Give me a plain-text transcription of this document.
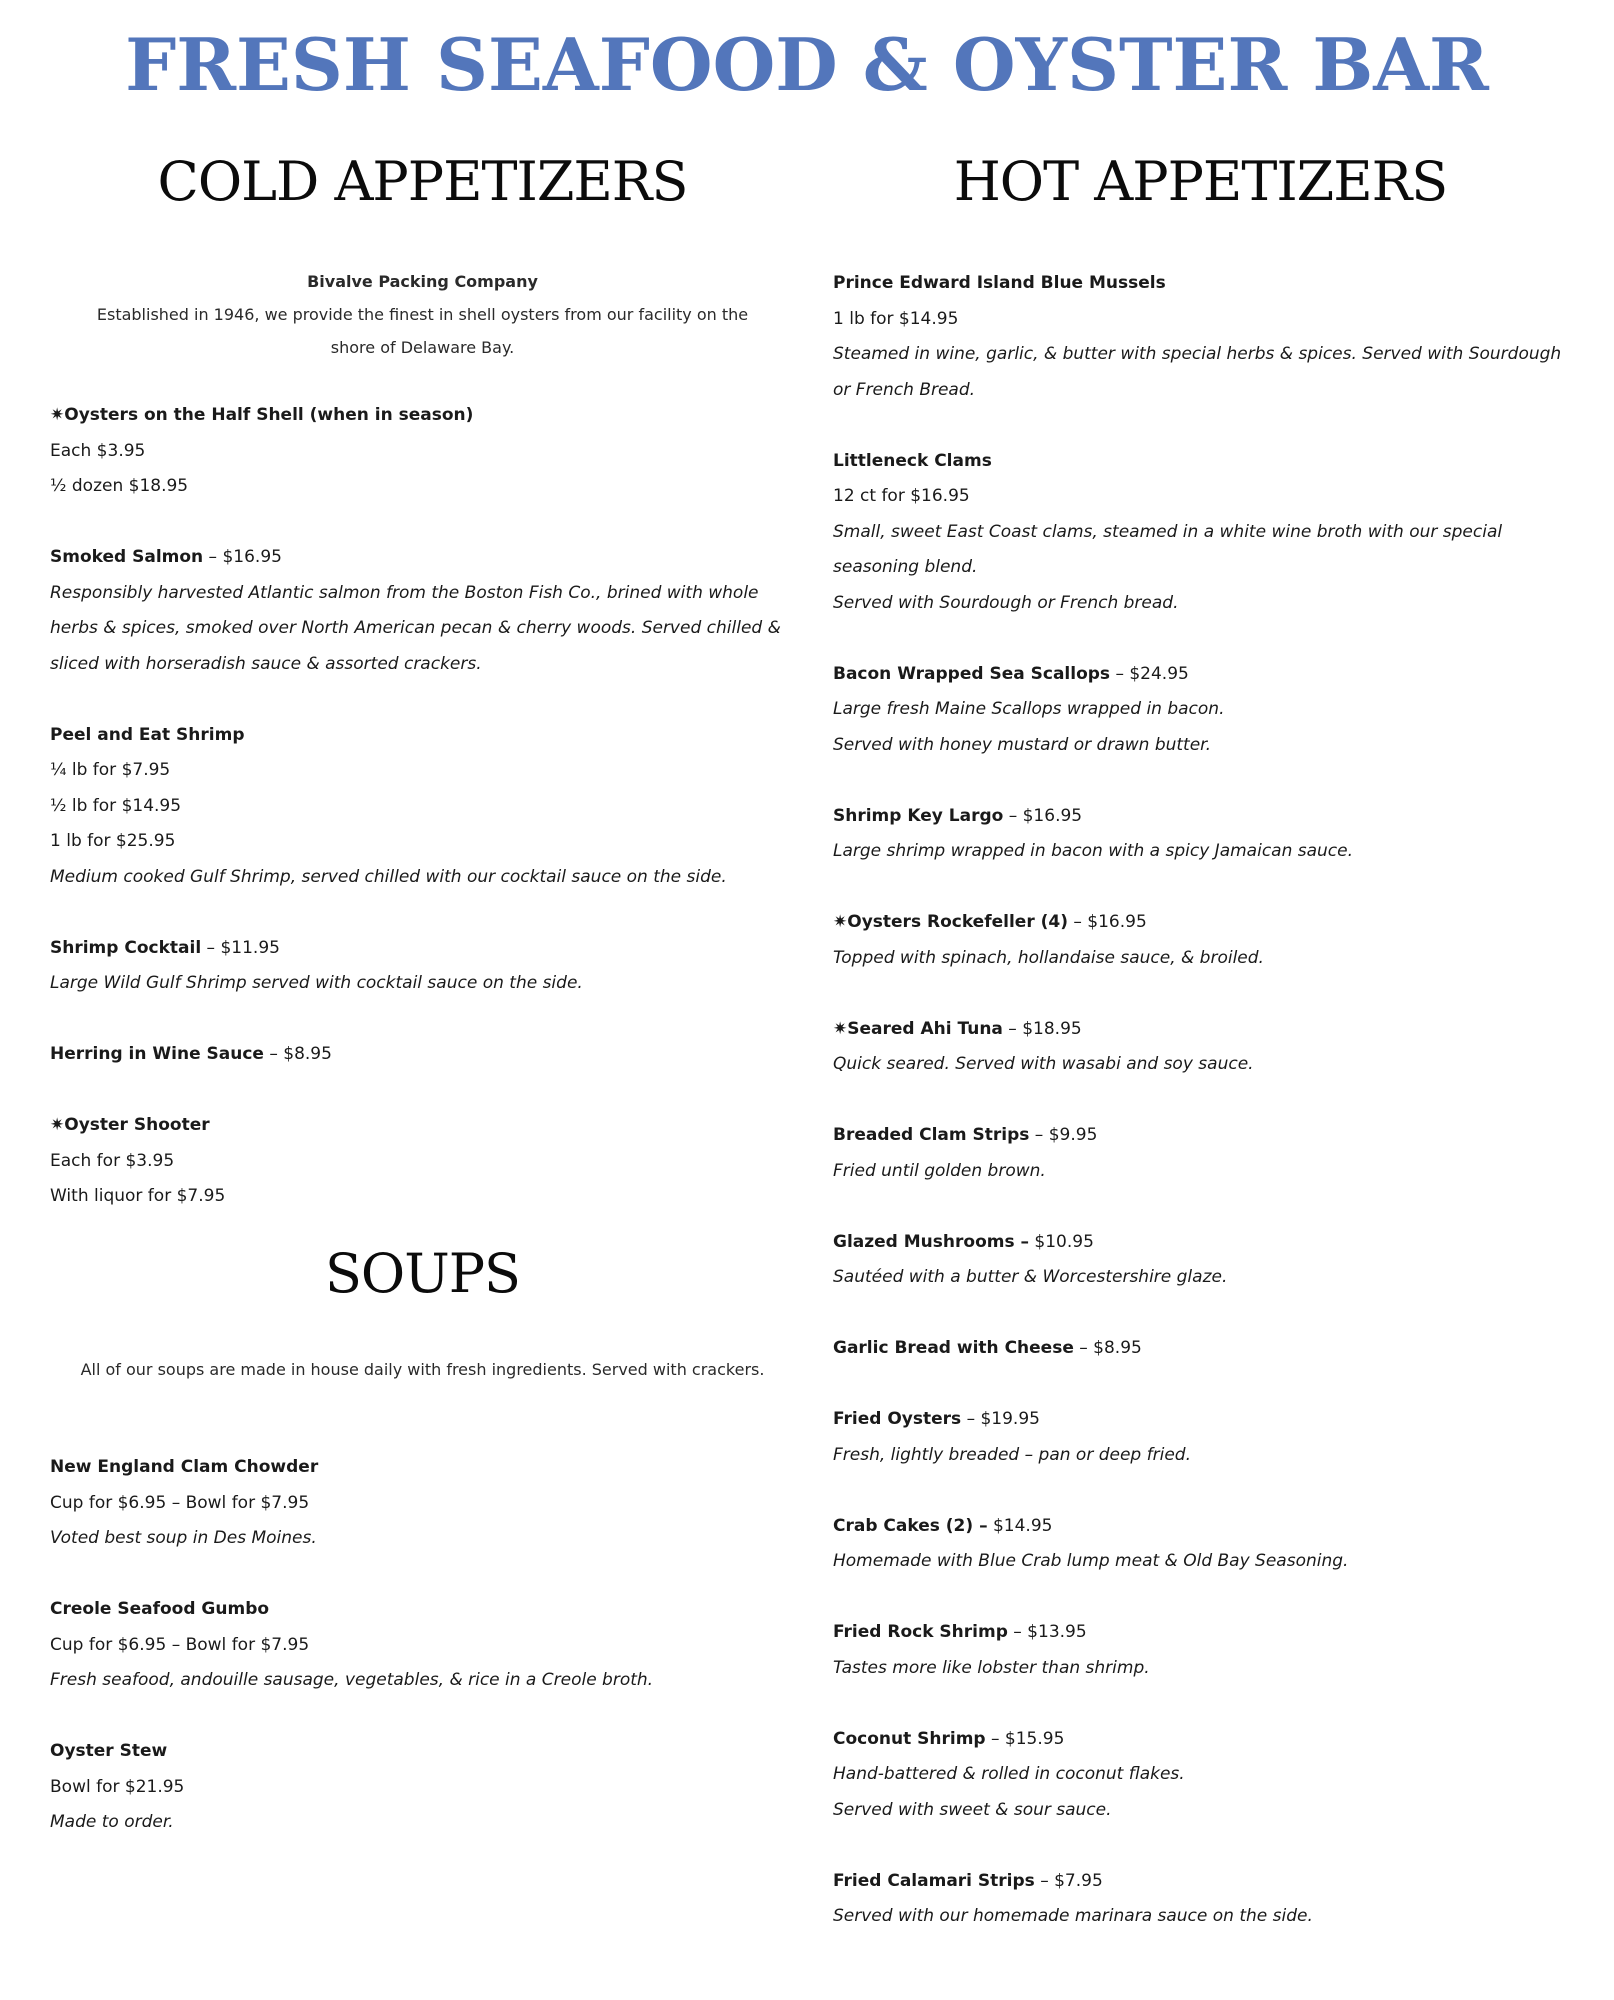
FRESH SEAFOOD & OYSTER BAR
COLD APPETIZERS
Bivalve Packing Company
Established in 1946, we provide the finest in shell oysters from our facility on the shore of Delaware Bay.
✷Oysters on the Half Shell (when in season)
Each $3.95
½ dozen $18.95
Smoked Salmon – $16.95
Responsibly harvested Atlantic salmon from the Boston Fish Co., brined with whole herbs & spices, smoked over North American pecan & cherry woods. Served chilled & sliced with horseradish sauce & assorted crackers.
Peel and Eat Shrimp
¼ lb for $7.95
½ lb for $14.95
1 lb for $25.95
Medium cooked Gulf Shrimp, served chilled with our cocktail sauce on the side.
Shrimp Cocktail – $11.95
Large Wild Gulf Shrimp served with cocktail sauce on the side.
Herring in Wine Sauce – $8.95
✷Oyster Shooter
Each for $3.95
With liquor for $7.95
SOUPS
All of our soups are made in house daily with fresh ingredients. Served with crackers.
New England Clam Chowder
Cup for $6.95 – Bowl for $7.95
Voted best soup in Des Moines.
Creole Seafood Gumbo
Cup for $6.95 – Bowl for $7.95
Fresh seafood, andouille sausage, vegetables, & rice in a Creole broth.
Oyster Stew
Bowl for $21.95
Made to order.
HOT APPETIZERS
Prince Edward Island Blue Mussels
1 lb for $14.95
Steamed in wine, garlic, & butter with special herbs & spices. Served with Sourdough or French Bread.
Littleneck Clams
12 ct for $16.95
Small, sweet East Coast clams, steamed in a white wine broth with our special seasoning blend.
Served with Sourdough or French bread.
Bacon Wrapped Sea Scallops – $24.95
Large fresh Maine Scallops wrapped in bacon.
Served with honey mustard or drawn butter.
Shrimp Key Largo – $16.95
Large shrimp wrapped in bacon with a spicy Jamaican sauce.
✷Oysters Rockefeller (4) – $16.95
Topped with spinach, hollandaise sauce, & broiled.
✷Seared Ahi Tuna – $18.95
Quick seared. Served with wasabi and soy sauce.
Breaded Clam Strips – $9.95
Fried until golden brown.
Glazed Mushrooms – $10.95
Sautéed with a butter & Worcestershire glaze.
Garlic Bread with Cheese – $8.95
Fried Oysters – $19.95
Fresh, lightly breaded – pan or deep fried.
Crab Cakes (2) – $14.95
Homemade with Blue Crab lump meat & Old Bay Seasoning.
Fried Rock Shrimp – $13.95
Tastes more like lobster than shrimp.
Coconut Shrimp – $15.95
Hand-battered & rolled in coconut flakes.
Served with sweet & sour sauce.
Fried Calamari Strips – $7.95
Served with our homemade marinara sauce on the side.
